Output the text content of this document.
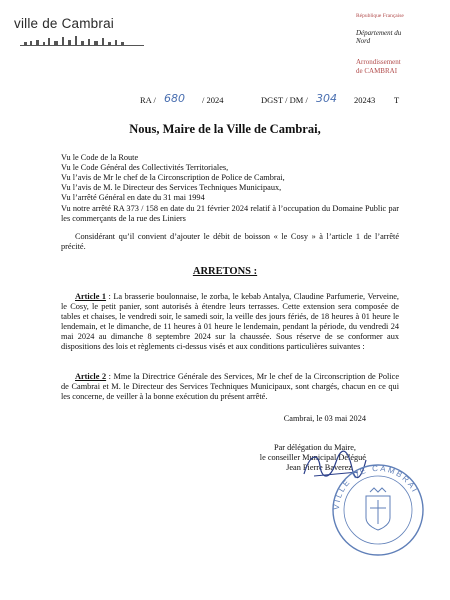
ville de Cambrai	République Française
Département du
Nord
Arrondissement
de CAMBRAI
RA / 680 / 2024	DGST / DM / 304 20243 T
Nous, Maire de la Ville de Cambrai,
Vu le Code de la Route
Vu le Code Général des Collectivités Territoriales,
Vu l’avis de Mr le chef de la Circonscription de Police de Cambrai,
Vu l’avis de M. le Directeur des Services Techniques Municipaux,
Vu l’arrêté Général en date du 31 mai 1994
Vu notre arrêté RA 373 / 158 en date du 21 février 2024 relatif à l’occupation du Domaine Public par les commerçants de la rue des Liniers
Considérant qu’il convient d’ajouter le débit de boisson « le Cosy » à l’article 1 de l’arrêté précité.
ARRETONS :
Article 1 : La brasserie boulonnaise, le zorba, le kebab Antalya, Claudine Parfumerie, Verveine, le Cosy, le petit panier, sont autorisés à étendre leurs terrasses. Cette extension sera composée de tables et chaises, le vendredi soir, le samedi soir, la veille des jours fériés, de 18 heures à 01 heure le lendemain, et le dimanche, de 11 heures à 01 heure le lendemain, pendant la période, du vendredi 24 mai 2024 au dimanche 8 septembre 2024 sur la chaussée. Sous réserve de se conformer aux dispositions des lois et règlements ci-dessus visés et aux conditions particulières suivantes :
Article 2 : Mme la Directrice Générale des Services, Mr le chef de la Circonscription de Police de Cambrai et M. le Directeur des Services Techniques Municipaux, sont chargés, chacun en ce qui les concerne, de veiller à la bonne exécution du présent arrêté.
Cambrai, le 03 mai 2024
Par délégation du Maire,
le conseiller Municipal Délégué
Jean Pierre Baverez
VILLE DE CAMBRAI
